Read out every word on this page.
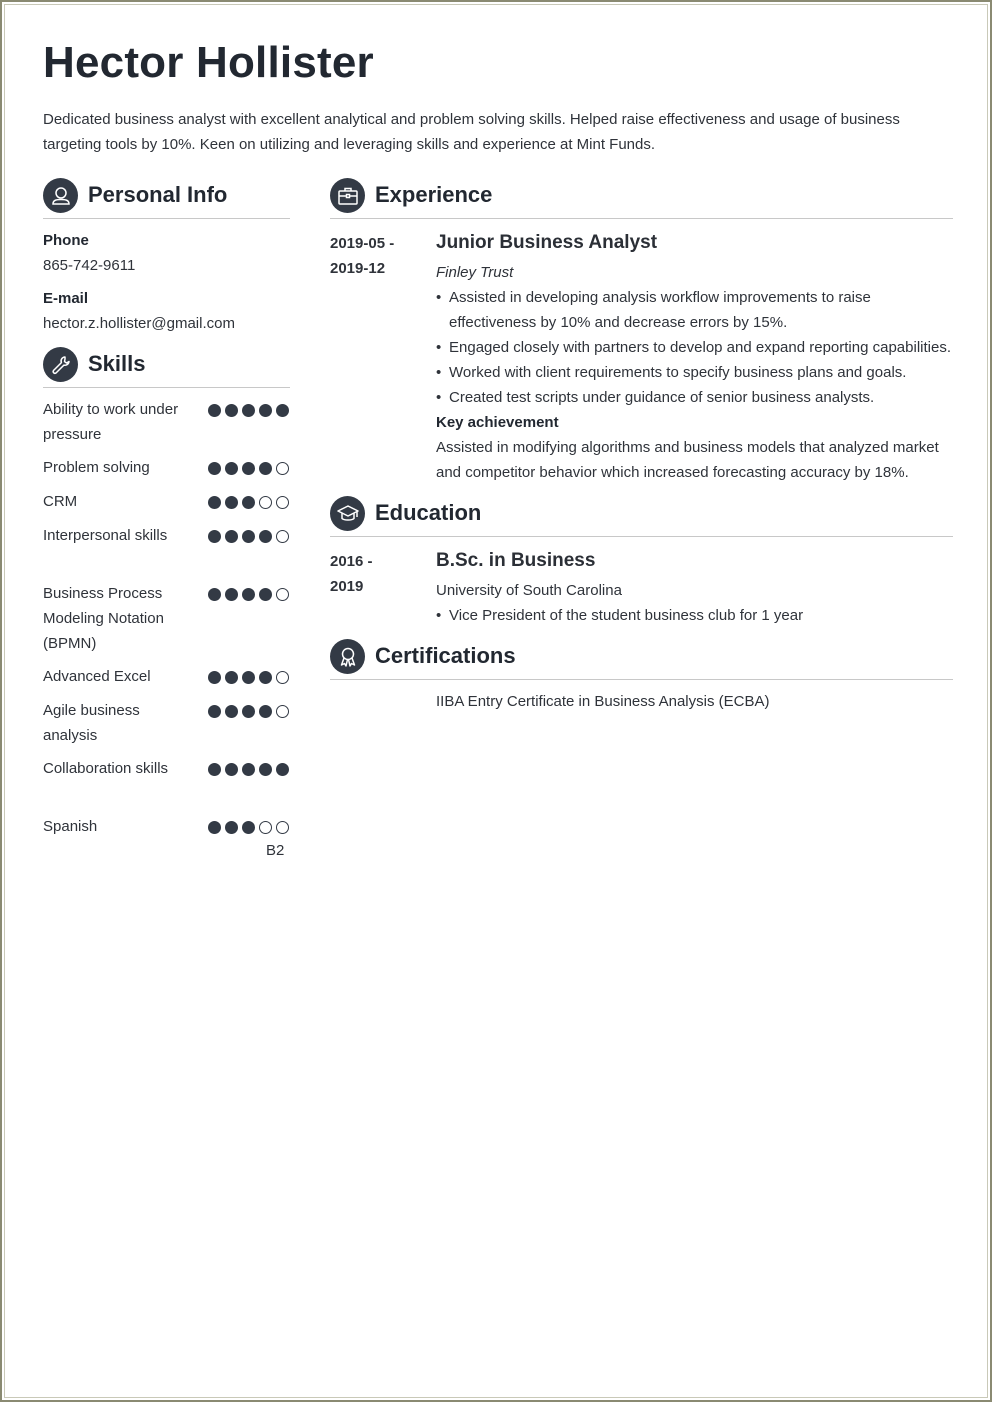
Hector Hollister

Dedicated business analyst with excellent analytical and problem solving skills. Helped raise effectiveness and usage of business targeting tools by 10%. Keen on utilizing and leveraging skills and experience at Mint Funds.

Personal Info
Phone
865-742-9611
E-mail
hector.z.hollister@gmail.com
Skills
Ability to work under pressure
Problem solving
CRM
Interpersonal skills
Business Process Modeling Notation (BPMN)
Advanced Excel
Agile business analysis
Collaboration skills
Spanish
B2
Experience
2019-05 -
2019-12
Junior Business Analyst
Finley Trust
• Assisted in developing analysis workflow improvements to raise effectiveness by 10% and decrease errors by 15%.
• Engaged closely with partners to develop and expand reporting capabilities.
• Worked with client requirements to specify business plans and goals.
• Created test scripts under guidance of senior business analysts.
Key achievement
Assisted in modifying algorithms and business models that analyzed market and competitor behavior which increased forecasting accuracy by 18%.
Education
2016 -
2019
B.Sc. in Business
University of South Carolina
• Vice President of the student business club for 1 year
Certifications
IIBA Entry Certificate in Business Analysis (ECBA)
